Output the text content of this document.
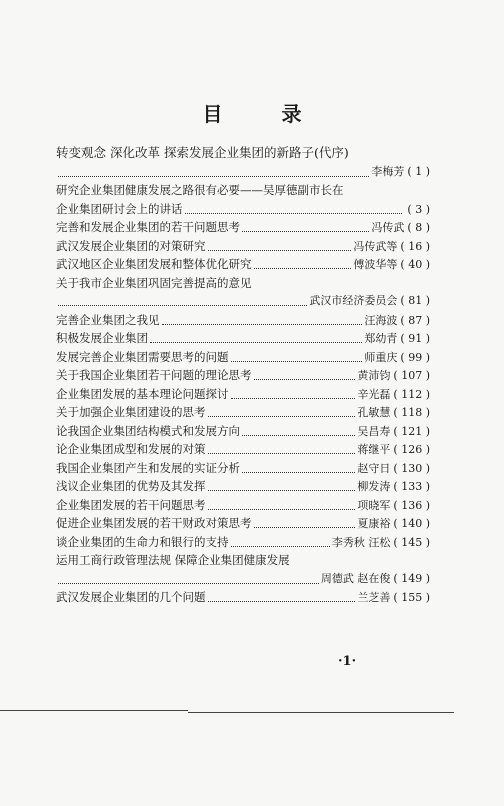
目 录
转变观念 深化改革 探索发展企业集团的新路子(代序)
李梅芳 ( 1 )
研究企业集团健康发展之路很有必要——吴厚德副市长在
企业集团研讨会上的讲话	( 3 )
完善和发展企业集团的若干问题思考	冯传武 ( 8 )
武汉发展企业集团的对策研究	冯传武等 ( 16 )
武汉地区企业集团发展和整体优化研究	傅波华等 ( 40 )
关于我市企业集团巩固完善提高的意见
武汉市经济委员会 ( 81 )
完善企业集团之我见	汪海波 ( 87 )
积极发展企业集团	郑幼青 ( 91 )
发展完善企业集团需要思考的问题	师重庆 ( 99 )
关于我国企业集团若干问题的理论思考	黄沛钧 ( 107 )
企业集团发展的基本理论问题探讨	辛光磊 ( 112 )
关于加强企业集团建设的思考	孔敏慧 ( 118 )
论我国企业集团结构模式和发展方向	吴昌寿 ( 121 )
论企业集团成型和发展的对策	蒋继平 ( 126 )
我国企业集团产生和发展的实证分析	赵守日 ( 130 )
浅议企业集团的优势及其发挥	柳发涛 ( 133 )
企业集团发展的若干问题思考	项晓军 ( 136 )
促进企业集团发展的若干财政对策思考	夏康裕 ( 140 )
谈企业集团的生命力和银行的支持	李秀秋 汪松 ( 145 )
运用工商行政管理法规 保障企业集团健康发展
周德武 赵在俊 ( 149 )
武汉发展企业集团的几个问题	兰芝善 ( 155 )
·1·
